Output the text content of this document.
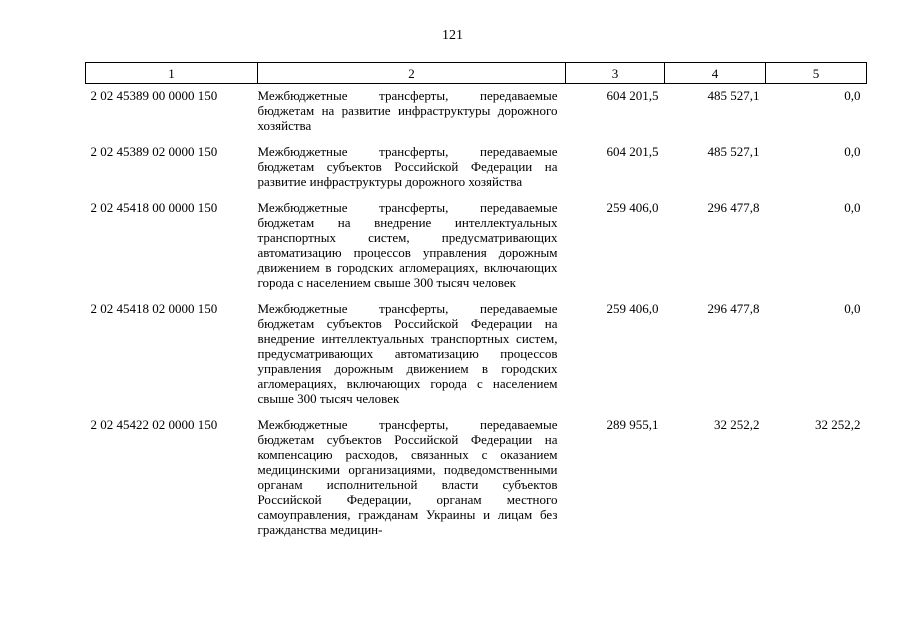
121
1	2	3	4	5
2 02 45389 00 0000 150	Межбюджетные трансферты, передаваемые бюджетам на развитие инфраструктуры дорожного хозяйства	604 201,5	485 527,1	0,0
2 02 45389 02 0000 150	Межбюджетные трансферты, передаваемые бюджетам субъектов Российской Федерации на развитие инфраструктуры дорожного хозяйства	604 201,5	485 527,1	0,0
2 02 45418 00 0000 150	Межбюджетные трансферты, передаваемые бюджетам на внедрение интеллектуальных транспортных систем, предусматривающих автоматизацию процессов управления дорожным движением в городских агломерациях, включающих города с населением свыше 300 тысяч человек	259 406,0	296 477,8	0,0
2 02 45418 02 0000 150	Межбюджетные трансферты, передаваемые бюджетам субъектов Российской Федерации на внедрение интеллектуальных транспортных систем, предусматривающих автоматизацию процессов управления дорожным движением в городских агломерациях, включающих города с населением свыше 300 тысяч человек	259 406,0	296 477,8	0,0
2 02 45422 02 0000 150	Межбюджетные трансферты, передаваемые бюджетам субъектов Российской Федерации на компенсацию расходов, связанных с оказанием медицинскими организациями, подведомственными органам исполнительной власти субъектов Российской Федерации, органам местного самоуправления, гражданам Украины и лицам без гражданства медицин-	289 955,1	32 252,2	32 252,2
